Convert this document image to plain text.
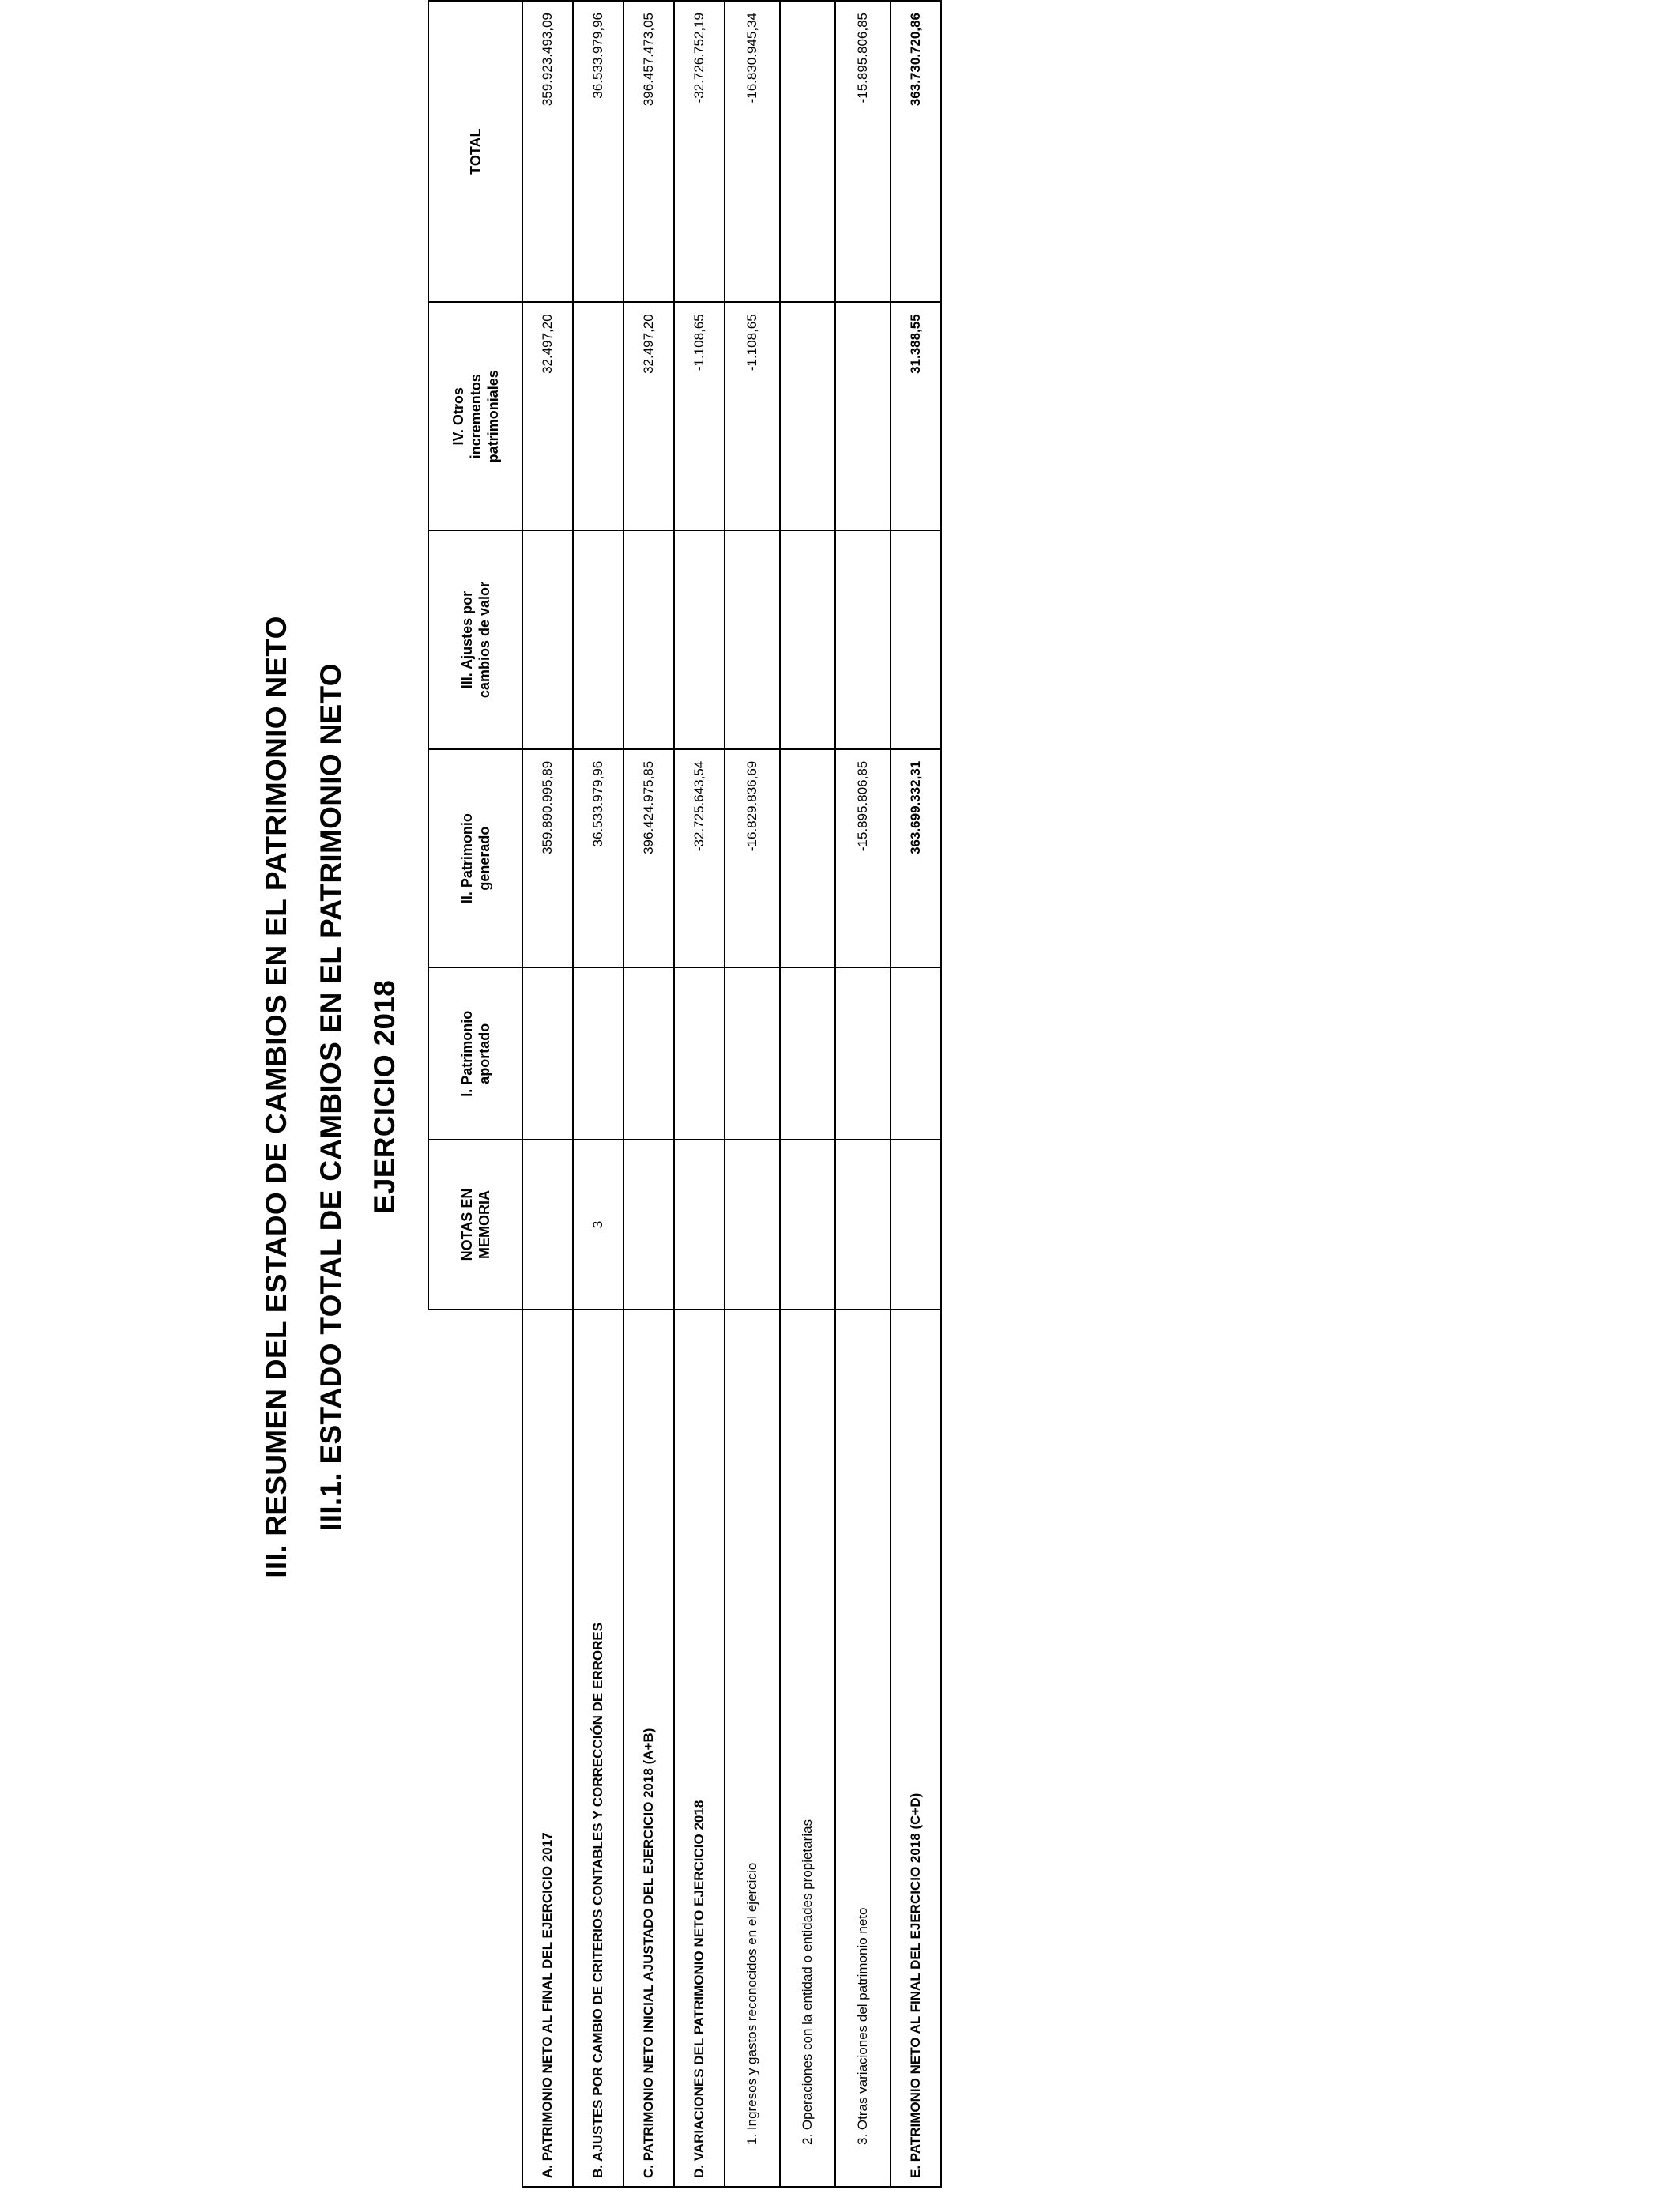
III. RESUMEN DEL ESTADO DE CAMBIOS EN EL PATRIMONIO NETO III.1. ESTADO TOTAL DE CAMBIOS EN EL PATRIMONIO NETO EJERCICIO 2018
	NOTAS EN MEMORIA	I. Patrimonio aportado	II. Patrimonio generado	III. Ajustes por cambios de valor	IV. Otros incrementos patrimoniales	TOTAL
A. PATRIMONIO NETO AL FINAL DEL EJERCICIO 2017			359.890.995,89		32.497,20	359.923.493,09
B. AJUSTES POR CAMBIO DE CRITERIOS CONTABLES Y CORRECCIÓN DE ERRORES	3		36.533.979,96			36.533.979,96
C. PATRIMONIO NETO INICIAL AJUSTADO DEL EJERCICIO 2018 (A+B)			396.424.975,85		32.497,20	396.457.473,05
D. VARIACIONES DEL PATRIMONIO NETO EJERCICIO 2018			-32.725.643,54		-1.108,65	-32.726.752,19
1. Ingresos y gastos reconocidos en el ejercicio			-16.829.836,69		-1.108,65	-16.830.945,34
2. Operaciones con la entidad o entidades propietarias						
3. Otras variaciones del patrimonio neto			-15.895.806,85			-15.895.806,85
E. PATRIMONIO NETO AL FINAL DEL EJERCICIO 2018 (C+D)			363.699.332,31		31.388,55	363.730.720,86
